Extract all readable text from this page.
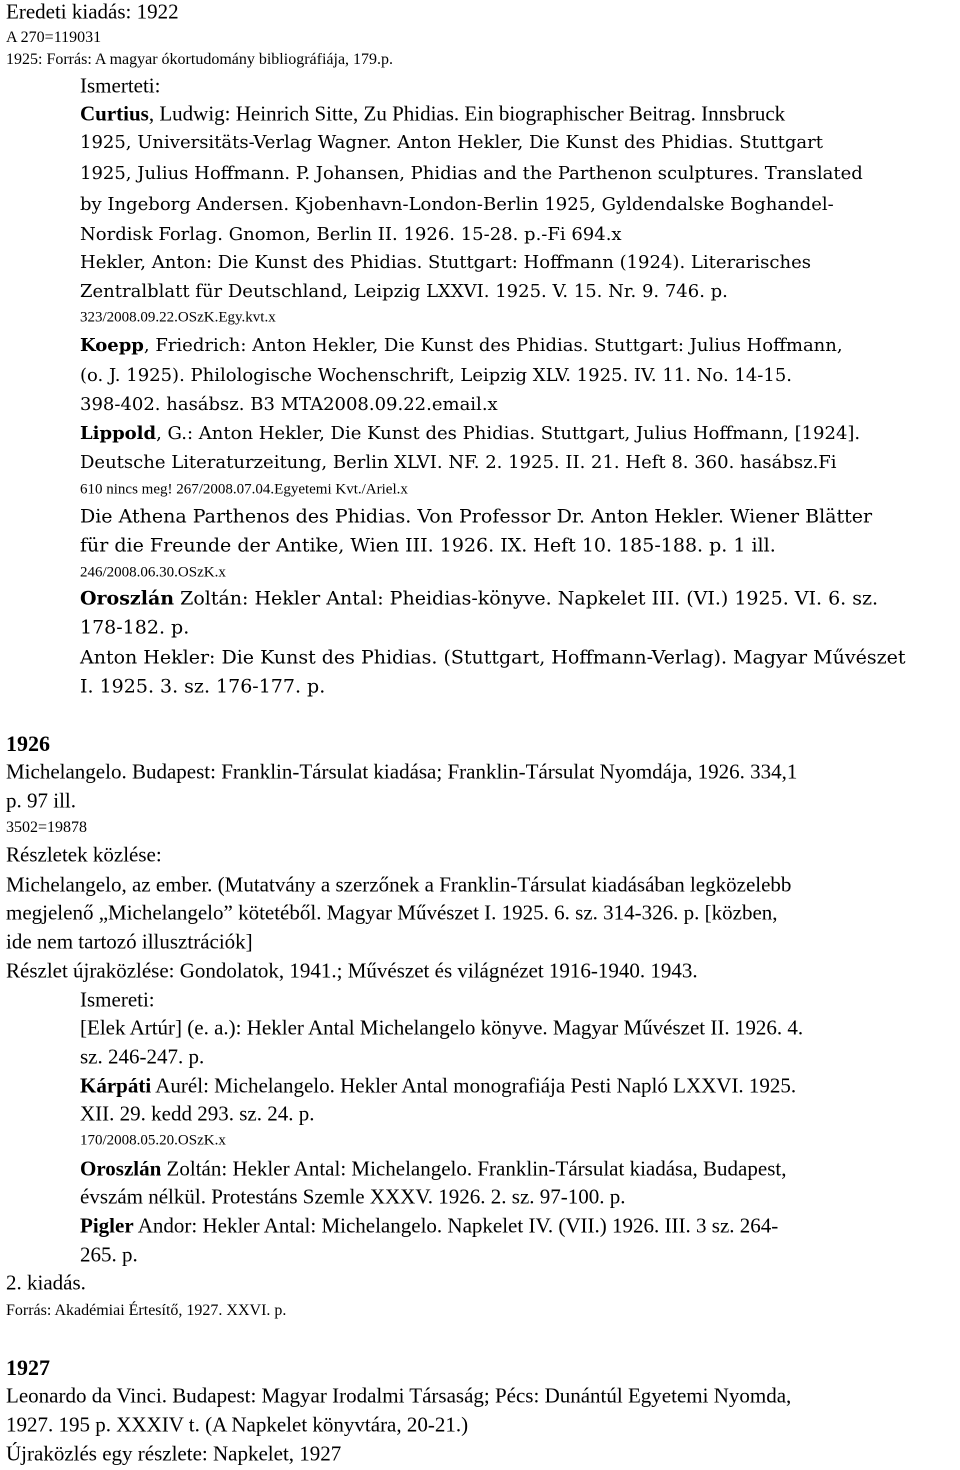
Eredeti kiadás: 1922
A 270=119031
1925: Forrás: A magyar ókortudomány bibliográfiája, 179.p.
Ismerteti:
Curtius, Ludwig: Heinrich Sitte, Zu Phidias. Ein biographischer Beitrag. Innsbruck
1925, Universitäts-Verlag Wagner. Anton Hekler, Die Kunst des Phidias. Stuttgart
1925, Julius Hoffmann. P. Johansen, Phidias and the Parthenon sculptures. Translated
by Ingeborg Andersen. Kjobenhavn-London-Berlin 1925, Gyldendalske Boghandel-
Nordisk Forlag. Gnomon, Berlin II. 1926. 15-28. p.-Fi 694.x
Hekler, Anton: Die Kunst des Phidias. Stuttgart: Hoffmann (1924). Literarisches
Zentralblatt für Deutschland, Leipzig LXXVI. 1925. V. 15. Nr. 9. 746. p.
323/2008.09.22.OSzK.Egy.kvt.x
Koepp, Friedrich: Anton Hekler, Die Kunst des Phidias. Stuttgart: Julius Hoffmann,
(o. J. 1925). Philologische Wochenschrift, Leipzig XLV. 1925. IV. 11. No. 14-15.
398-402. hasábsz. B3 MTA2008.09.22.email.x
Lippold, G.: Anton Hekler, Die Kunst des Phidias. Stuttgart, Julius Hoffmann, [1924].
Deutsche Literaturzeitung, Berlin XLVI. NF. 2. 1925. II. 21. Heft 8. 360. hasábsz.Fi
610 nincs meg! 267/2008.07.04.Egyetemi Kvt./Ariel.x
Die Athena Parthenos des Phidias. Von Professor Dr. Anton Hekler. Wiener Blätter
für die Freunde der Antike, Wien III. 1926. IX. Heft 10. 185-188. p. 1 ill.
246/2008.06.30.OSzK.x
Oroszlán Zoltán: Hekler Antal: Pheidias-könyve. Napkelet III. (VI.) 1925. VI. 6. sz.
178-182. p.
Anton Hekler: Die Kunst des Phidias. (Stuttgart, Hoffmann-Verlag). Magyar Művészet
I. 1925. 3. sz. 176-177. p.
1926
Michelangelo. Budapest: Franklin-Társulat kiadása; Franklin-Társulat Nyomdája, 1926. 334,1
p. 97 ill.
3502=19878
Részletek közlése:
Michelangelo, az ember. (Mutatvány a szerzőnek a Franklin-Társulat kiadásában legközelebb
megjelenő „Michelangelo” kötetéből. Magyar Művészet I. 1925. 6. sz. 314-326. p. [közben,
ide nem tartozó illusztrációk]
Részlet újraközlése: Gondolatok, 1941.; Művészet és világnézet 1916-1940. 1943.
Ismereti:
[Elek Artúr] (e. a.): Hekler Antal Michelangelo könyve. Magyar Művészet II. 1926. 4.
sz. 246-247. p.
Kárpáti Aurél: Michelangelo. Hekler Antal monografiája Pesti Napló LXXVI. 1925.
XII. 29. kedd 293. sz. 24. p.
170/2008.05.20.OSzK.x
Oroszlán Zoltán: Hekler Antal: Michelangelo. Franklin-Társulat kiadása, Budapest,
évszám nélkül. Protestáns Szemle XXXV. 1926. 2. sz. 97-100. p.
Pigler Andor: Hekler Antal: Michelangelo. Napkelet IV. (VII.) 1926. III. 3 sz. 264-
265. p.
2. kiadás.
Forrás: Akadémiai Értesítő, 1927. XXVI. p.
1927
Leonardo da Vinci. Budapest: Magyar Irodalmi Társaság; Pécs: Dunántúl Egyetemi Nyomda,
1927. 195 p. XXXIV t. (A Napkelet könyvtára, 20-21.)
Újraközlés egy részlete: Napkelet, 1927
